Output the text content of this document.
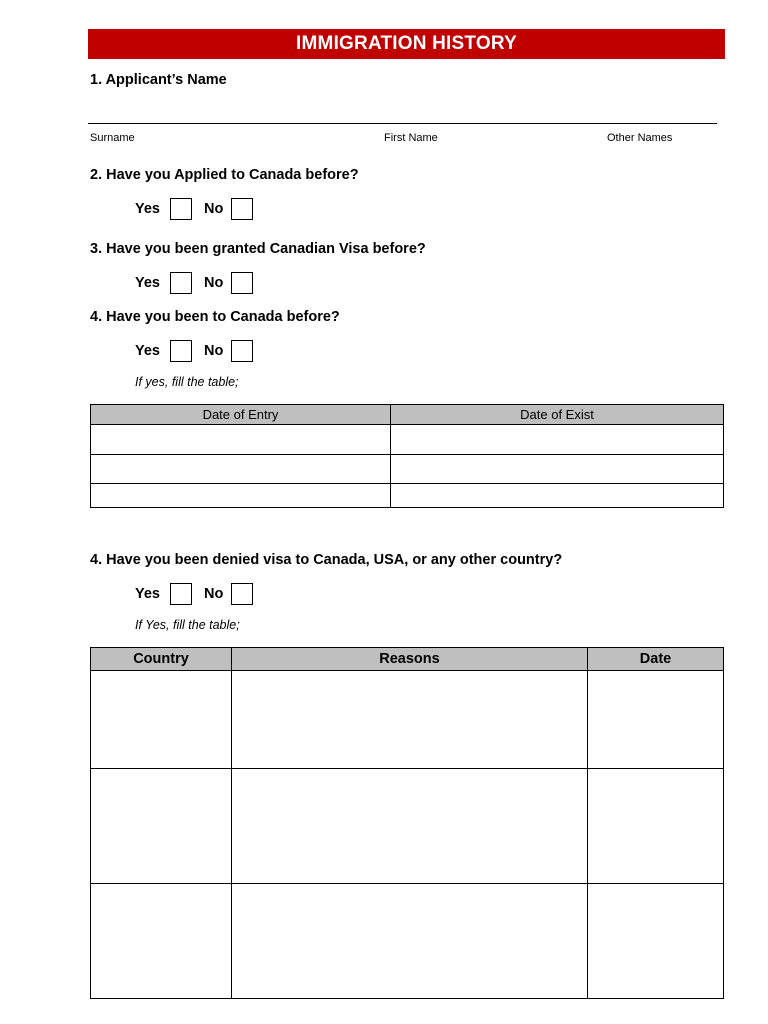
IMMIGRATION HISTORY
1. Applicant’s Name
Surname	First Name	Other Names
2. Have you Applied to Canada before?
Yes	No
3. Have you been granted Canadian Visa before?
Yes	No
4. Have you been to Canada before?
Yes	No
If yes, fill the table;
Date of Entry	Date of Exist

4. Have you been denied visa to Canada, USA, or any other country?
Yes	No
If Yes, fill the table;
Country	Reasons	Date
